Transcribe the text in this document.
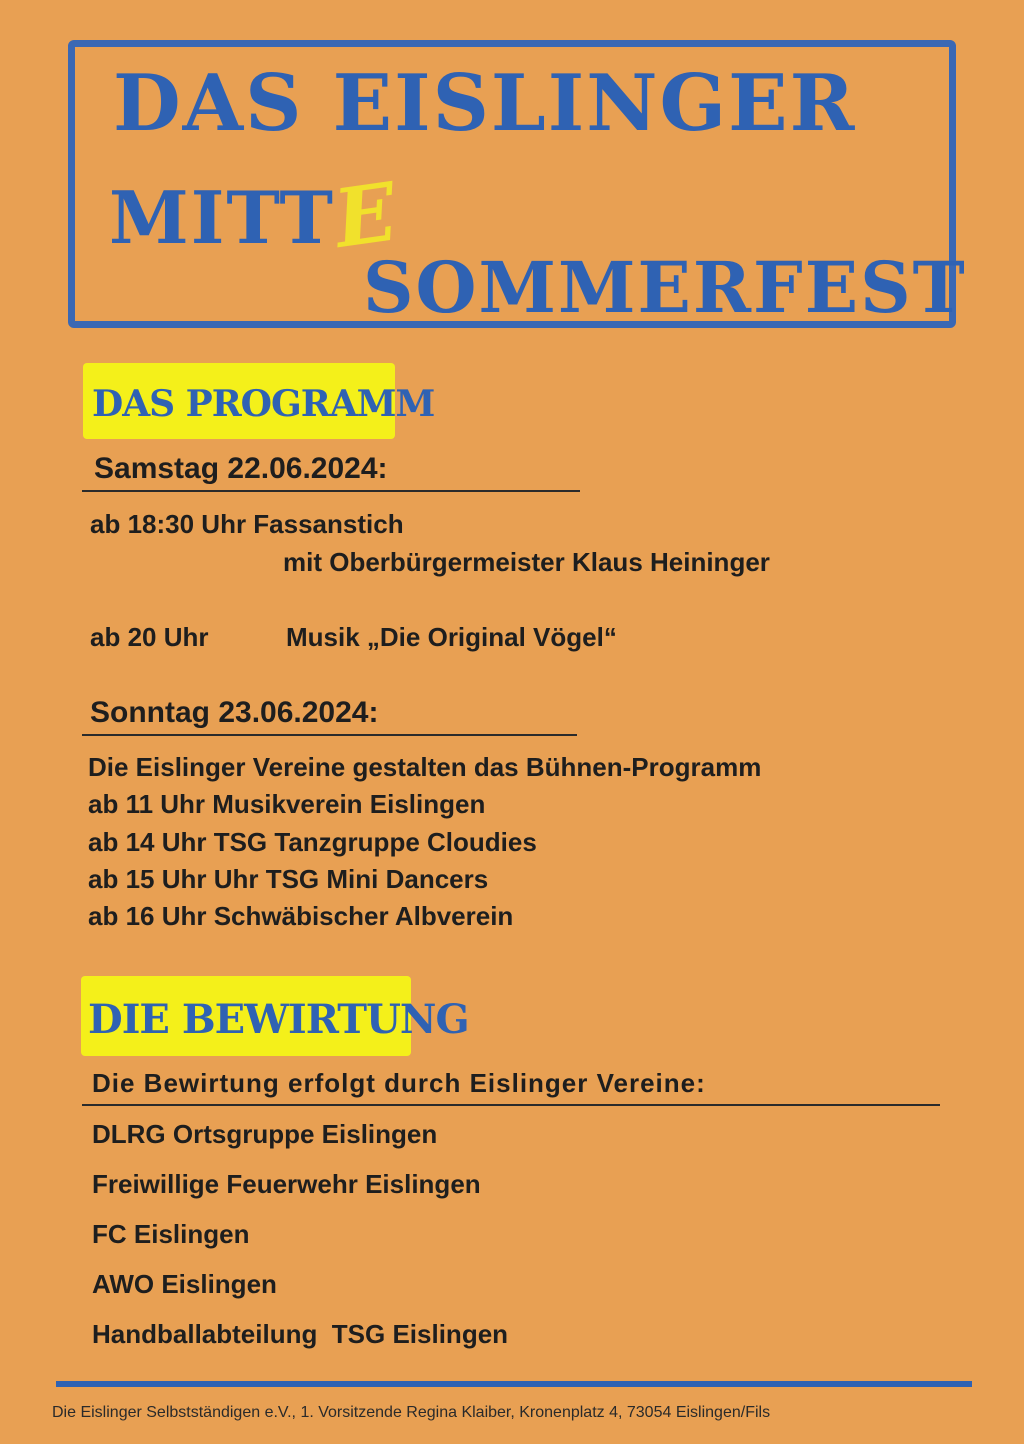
DAS EISLINGER
MITTE
SOMMERFEST
DAS PROGRAMM
Samstag 22.06.2024:
ab 18:30 Uhr Fassanstich
mit Oberbürgermeister Klaus Heininger
ab 20 Uhr	Musik „Die Original Vögel“
Sonntag 23.06.2024:
Die Eislinger Vereine gestalten das Bühnen-Programm
ab 11 Uhr Musikverein Eislingen
ab 14 Uhr TSG Tanzgruppe Cloudies
ab 15 Uhr Uhr TSG Mini Dancers
ab 16 Uhr Schwäbischer Albverein
DIE BEWIRTUNG
Die Bewirtung erfolgt durch Eislinger Vereine:
DLRG Ortsgruppe Eislingen
Freiwillige Feuerwehr Eislingen
FC Eislingen
AWO Eislingen
Handballabteilung  TSG Eislingen
Die Eislinger Selbstständigen e.V., 1. Vorsitzende Regina Klaiber, Kronenplatz 4, 73054 Eislingen/Fils
